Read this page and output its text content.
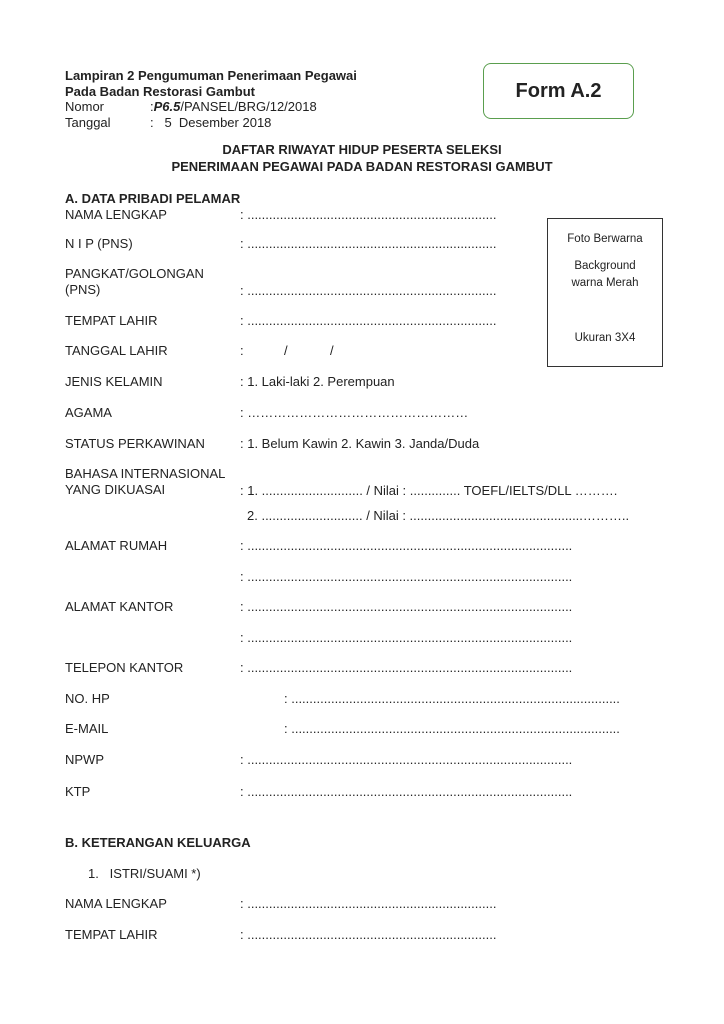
Lampiran 2 Pengumuman Penerimaan Pegawai
Pada Badan Restorasi Gambut
Nomor	:P6.5/PANSEL/BRG/12/2018
Tanggal	:   5  Desember 2018
Form A.2
DAFTAR RIWAYAT HIDUP PESERTA SELEKSI
PENERIMAAN PEGAWAI PADA BADAN RESTORASI GAMBUT
A. DATA PRIBADI PELAMAR
Foto Berwarna
Background
warna Merah
Ukuran 3X4
NAMA LENGKAP	: .....................................................................
N I P (PNS)	: .....................................................................
PANGKAT/GOLONGAN
(PNS)	: .....................................................................
TEMPAT LAHIR	: .....................................................................
TANGGAL LAHIR	:	/	/
JENIS KELAMIN	: 1. Laki-laki 2. Perempuan
AGAMA	: ……………………………………………
STATUS PERKAWINAN	: 1. Belum Kawin 2. Kawin 3. Janda/Duda
BAHASA INTERNASIONAL
YANG DIKUASAI	: 1. ............................ / Nilai : .............. TOEFL/IELTS/DLL ……….
2. ............................ / Nilai : ................................................………..
ALAMAT RUMAH	: ..........................................................................................
: ..........................................................................................
ALAMAT KANTOR	: ..........................................................................................
: ..........................................................................................
TELEPON KANTOR	: ..........................................................................................
NO. HP	: ...........................................................................................
E-MAIL	: ...........................................................................................
NPWP	: ..........................................................................................
KTP	: ..........................................................................................
B. KETERANGAN KELUARGA
1.   ISTRI/SUAMI *)
NAMA LENGKAP	: .....................................................................
TEMPAT LAHIR	: .....................................................................
